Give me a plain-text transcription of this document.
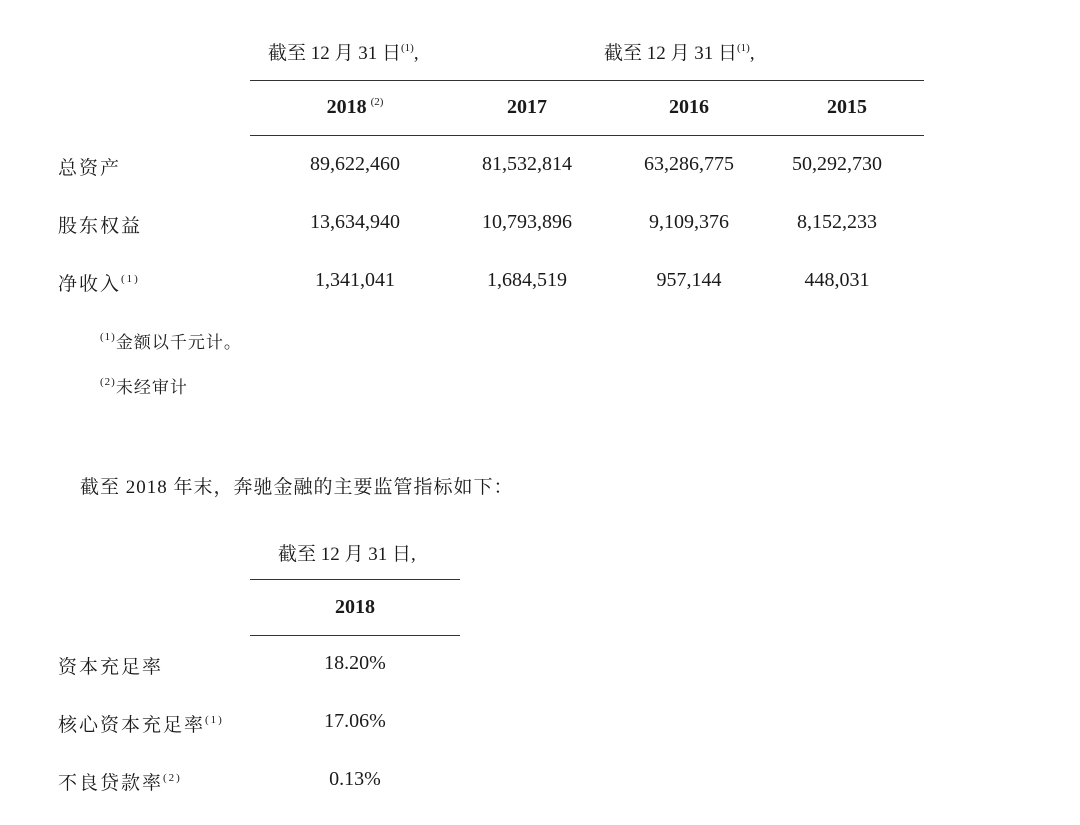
截至 12 月 31 日$^{(1)}$,	截至 12 月 31 日$^{(1)}$,
2018  $^{(2)}$	2017	2016	2015
总资产	89,622,460	81,532,814	63,286,775	50,292,730
股东权益	13,634,940	10,793,896	9,109,376	8,152,233
净收入$^{(1)}$	1,341,041	1,684,519	957,144	448,031
$^{(1)}$金额以千元计。
$^{(2)}$未经审计
截至 2018 年末，奔驰金融的主要监管指标如下：
截至 12 月 31 日,
2018
资本充足率	18.20%
核心资本充足率$^{(1)}$	17.06%
不良贷款率$^{(2)}$	0.13%
